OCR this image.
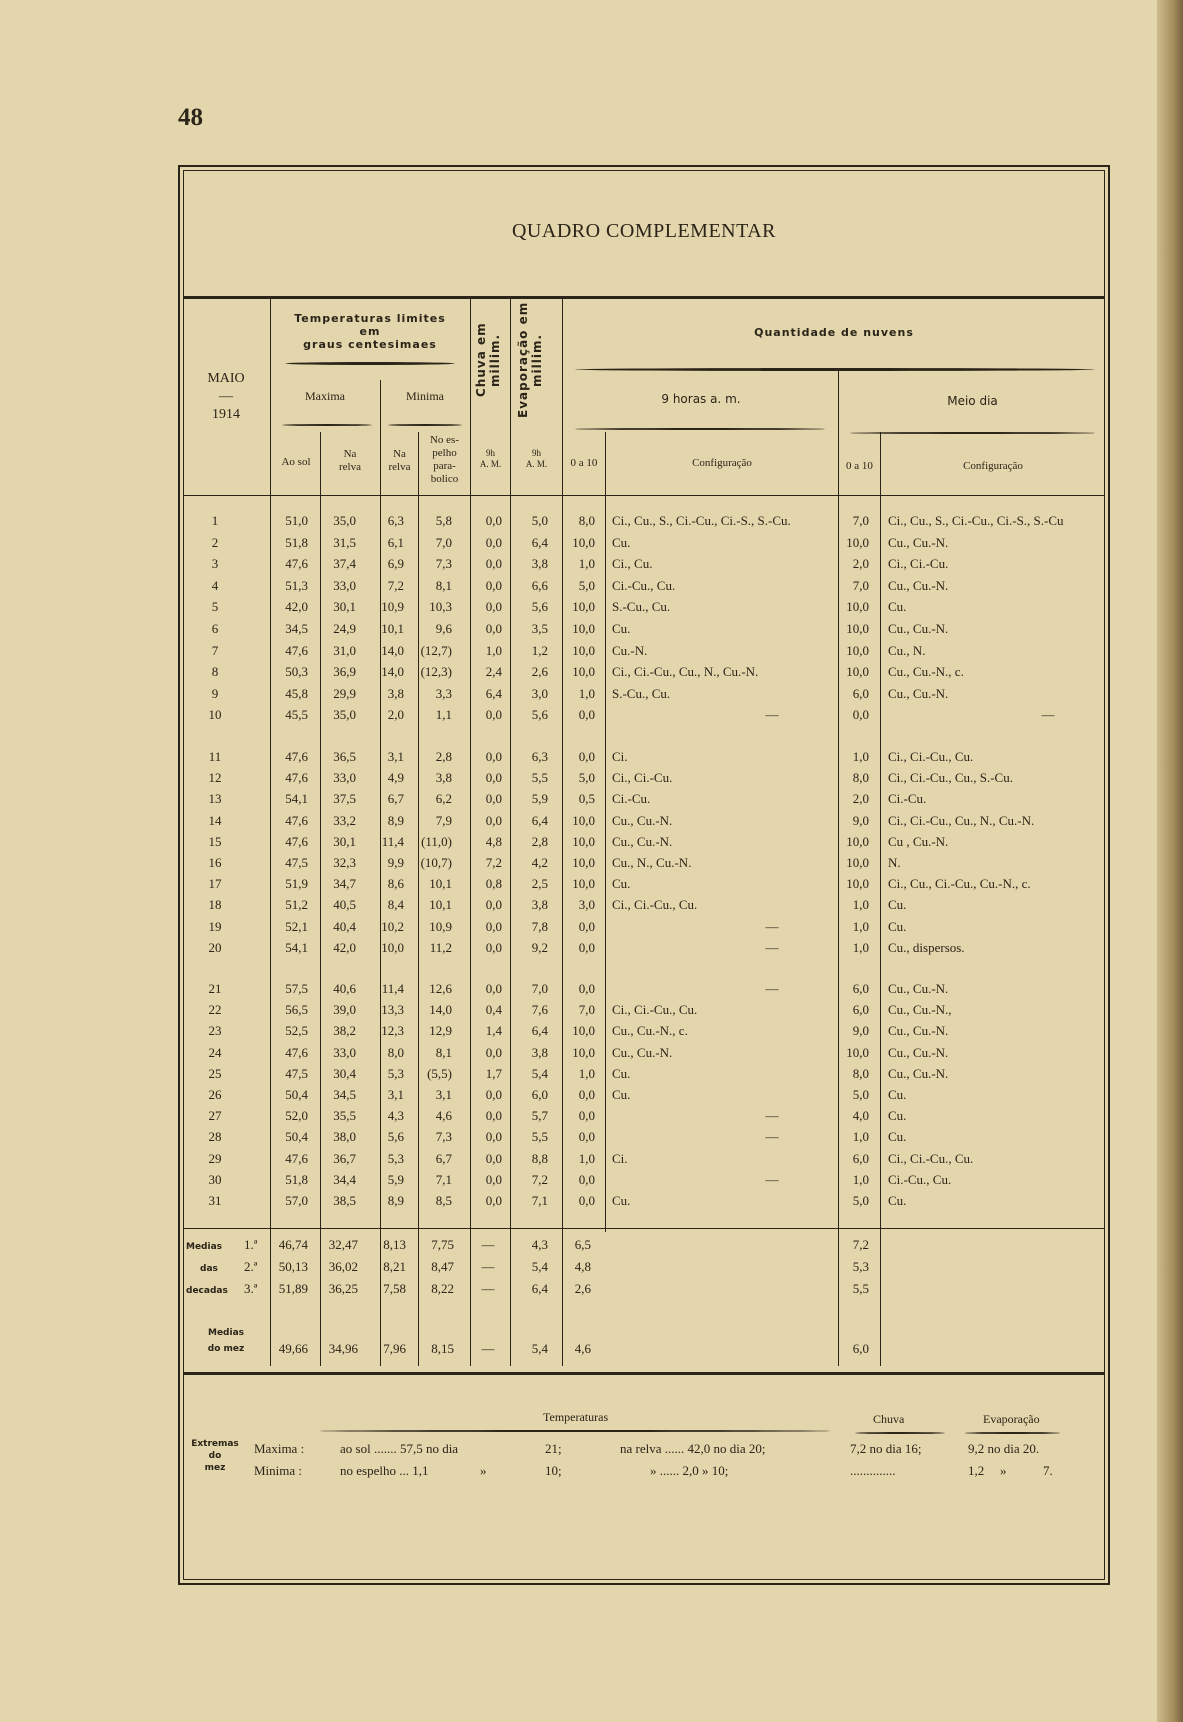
48
QUADRO COMPLEMENTAR
MAIO
—
1914
Temperaturas limites
em
graus centesimaes
Maxima	Minima
Ao sol
Na
relva
Na
relva
No es-
pelho
para-
bolico
Chuva em millim.	Evaporação em millim.
9h
A. M.
9h
A. M.
Quantidade de nuvens
9 horas a. m.	Meio dia
0 a 10	Configuração	0 a 10	Configuração
1	51,0	35,0	6,3	5,8	0,0	5,0	8,0 Ci., Cu., S., Ci.-Cu., Ci.-S., S.-Cu.	7,0 Ci., Cu., S., Ci.-Cu., Ci.-S., S.-Cu
2	51,8	31,5	6,1	7,0	0,0	6,4	10,0 Cu.	10,0 Cu., Cu.-N.
3	47,6	37,4	6,9	7,3	0,0	3,8	1,0 Ci., Cu.	2,0 Ci., Ci.-Cu.
4	51,3	33,0	7,2	8,1	0,0	6,6	5,0 Ci.-Cu., Cu.	7,0 Cu., Cu.-N.
5	42,0	30,1 10,9	10,3	0,0	5,6	10,0 S.-Cu., Cu.	10,0 Cu.
6	34,5	24,9 10,1	9,6	0,0	3,5	10,0 Cu.	10,0 Cu., Cu.-N.
7	47,6	31,0 14,0 (12,7)	1,0	1,2	10,0 Cu.-N.	10,0 Cu., N.
8	50,3	36,9 14,0 (12,3)	2,4	2,6	10,0 Ci., Ci.-Cu., Cu., N., Cu.-N.	10,0 Cu., Cu.-N., c.
9	45,8	29,9	3,8	3,3	6,4	3,0	1,0 S.-Cu., Cu.	6,0 Cu., Cu.-N.
10	45,5	35,0	2,0	1,1	0,0	5,6	0,0	—	0,0	—
11	47,6	36,5	3,1	2,8	0,0	6,3	0,0 Ci.	1,0 Ci., Ci.-Cu., Cu.
12	47,6	33,0	4,9	3,8	0,0	5,5	5,0 Ci., Ci.-Cu.	8,0 Ci., Ci.-Cu., Cu., S.-Cu.
13	54,1	37,5	6,7	6,2	0,0	5,9	0,5 Ci.-Cu.	2,0 Ci.-Cu.
14	47,6	33,2	8,9	7,9	0,0	6,4	10,0 Cu., Cu.-N.	9,0 Ci., Ci.-Cu., Cu., N., Cu.-N.
15	47,6	30,1 11,4 (11,0)	4,8	2,8	10,0 Cu., Cu.-N.	10,0 Cu , Cu.-N.
16	47,5	32,3	9,9 (10,7)	7,2	4,2	10,0 Cu., N., Cu.-N.	10,0 N.
17	51,9	34,7	8,6	10,1	0,8	2,5	10,0 Cu.	10,0 Ci., Cu., Ci.-Cu., Cu.-N., c.
18	51,2	40,5	8,4	10,1	0,0	3,8	3,0 Ci., Ci.-Cu., Cu.	1,0 Cu.
19	52,1	40,4 10,2	10,9	0,0	7,8	0,0	—	1,0 Cu.
20	54,1	42,0 10,0	11,2	0,0	9,2	0,0	—	1,0 Cu., dispersos.
21	57,5	40,6 11,4	12,6	0,0	7,0	0,0	—	6,0 Cu., Cu.-N.
22	56,5	39,0 13,3	14,0	0,4	7,6	7,0 Ci., Ci.-Cu., Cu.	6,0 Cu., Cu.-N.,
23	52,5	38,2 12,3	12,9	1,4	6,4	10,0 Cu., Cu.-N., c.	9,0 Cu., Cu.-N.
24	47,6	33,0	8,0	8,1	0,0	3,8	10,0 Cu., Cu.-N.	10,0 Cu., Cu.-N.
25	47,5	30,4	5,3	(5,5)	1,7	5,4	1,0 Cu.	8,0 Cu., Cu.-N.
26	50,4	34,5	3,1	3,1	0,0	6,0	0,0 Cu.	5,0 Cu.
27	52,0	35,5	4,3	4,6	0,0	5,7	0,0	—	4,0 Cu.
28	50,4	38,0	5,6	7,3	0,0	5,5	0,0	—	1,0 Cu.
29	47,6	36,7	5,3	6,7	0,0	8,8	1,0 Ci.	6,0 Ci., Ci.-Cu., Cu.
30	51,8	34,4	5,9	7,1	0,0	7,2	0,0	—	1,0 Ci.-Cu., Cu.
31	57,0	38,5	8,9	8,5	0,0	7,1	0,0 Cu.	5,0 Cu.
Medias
das
decadas
1.ª	46,74	32,47	8,13	7,75	—	4,3	6,5	7,2
2.ª	50,13	36,02	8,21	8,47	—	5,4	4,8	5,3
3.ª	51,89	36,25	7,58	8,22	—	6,4	2,6	5,5
Medias
do mez	49,66	34,96	7,96	8,15	—	5,4	4,6	6,0
Temperaturas	Chuva	Evaporação
Extremas
do
mez
Maxima :
Minima :
ao sol ....... 57,5 no dia	21;	na relva ...... 42,0 no dia 20;	7,2 no dia 16;	9,2 no dia 20.
no espelho ... 1,1	»	10;	» ...... 2,0 » 10;	..............	1,2 »	7.
